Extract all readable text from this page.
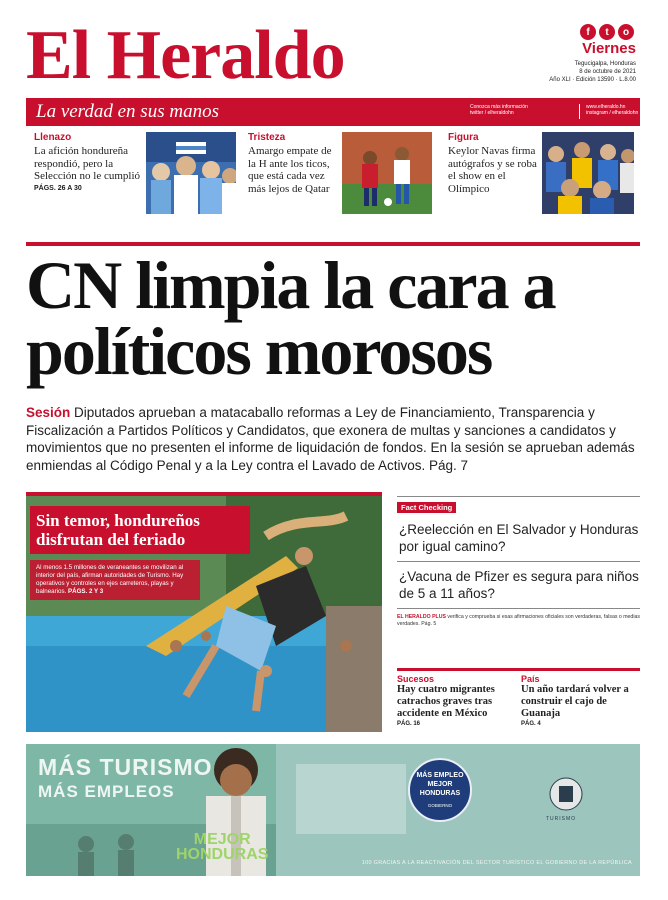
El Heraldo	f	t	o
Viernes
Tegucigalpa, Honduras
8 de octubre de 2021
Año XLI · Edición 13590 · L.8.00
La verdad en sus manos	Conozca más información
twitter / elheraldohn
www.elheraldo.hn
instagram / elheraldohn
Llenazo
La afición hondureña respondió, pero la Selección no le cumplió
PÁGS. 26 A 30
Tristeza
Amargo empate de la H ante los ticos, que está cada vez más lejos de Qatar
Figura
Keylor Navas firma autógrafos y se roba el show en el Olímpico
CN limpia la cara a
políticos morosos
Sesión Diputados aprueban a matacaballo reformas a Ley de Financiamiento, Transparencia y Fiscalización a Partidos Políticos y Candidatos, que exonera de multas y sanciones a candidatos y movimientos que no presenten el informe de liquidación de fondos. En la sesión se aprueban además enmiendas al Código Penal y a la Ley contra el Lavado de Activos. Pág. 7
Sin temor, hondureños disfrutan del feriado
Al menos 1.5 millones de veraneantes se movilizan al interior del país, afirman autoridades de Turismo. Hay operativos y controles en ejes carreteros, playas y balnearios. PÁGS. 2 Y 3
Fact Checking
¿Reelección en El Salvador y Honduras por igual camino?
¿Vacuna de Pfizer es segura para niños de 5 a 11 años?
EL HERALDO PLUS verifica y comprueba si esas afirmaciones oficiales son verdaderas, falsas o medias verdades. Pág. 5
Sucesos
Hay cuatro migrantes catrachos graves tras accidente en México
PÁG. 16
País
Un año tardará volver a construir el cajo de Guanaja
PÁG. 4
MÁS TURISMO
MÁS EMPLEOS
MEJOR
HONDURAS
MÁS EMPLEO
MEJOR HONDURAS
GOBIERNO
TURISMO
100 GRACIAS A LA REACTIVACIÓN DEL SECTOR TURÍSTICO EL GOBIERNO DE LA REPÚBLICA
